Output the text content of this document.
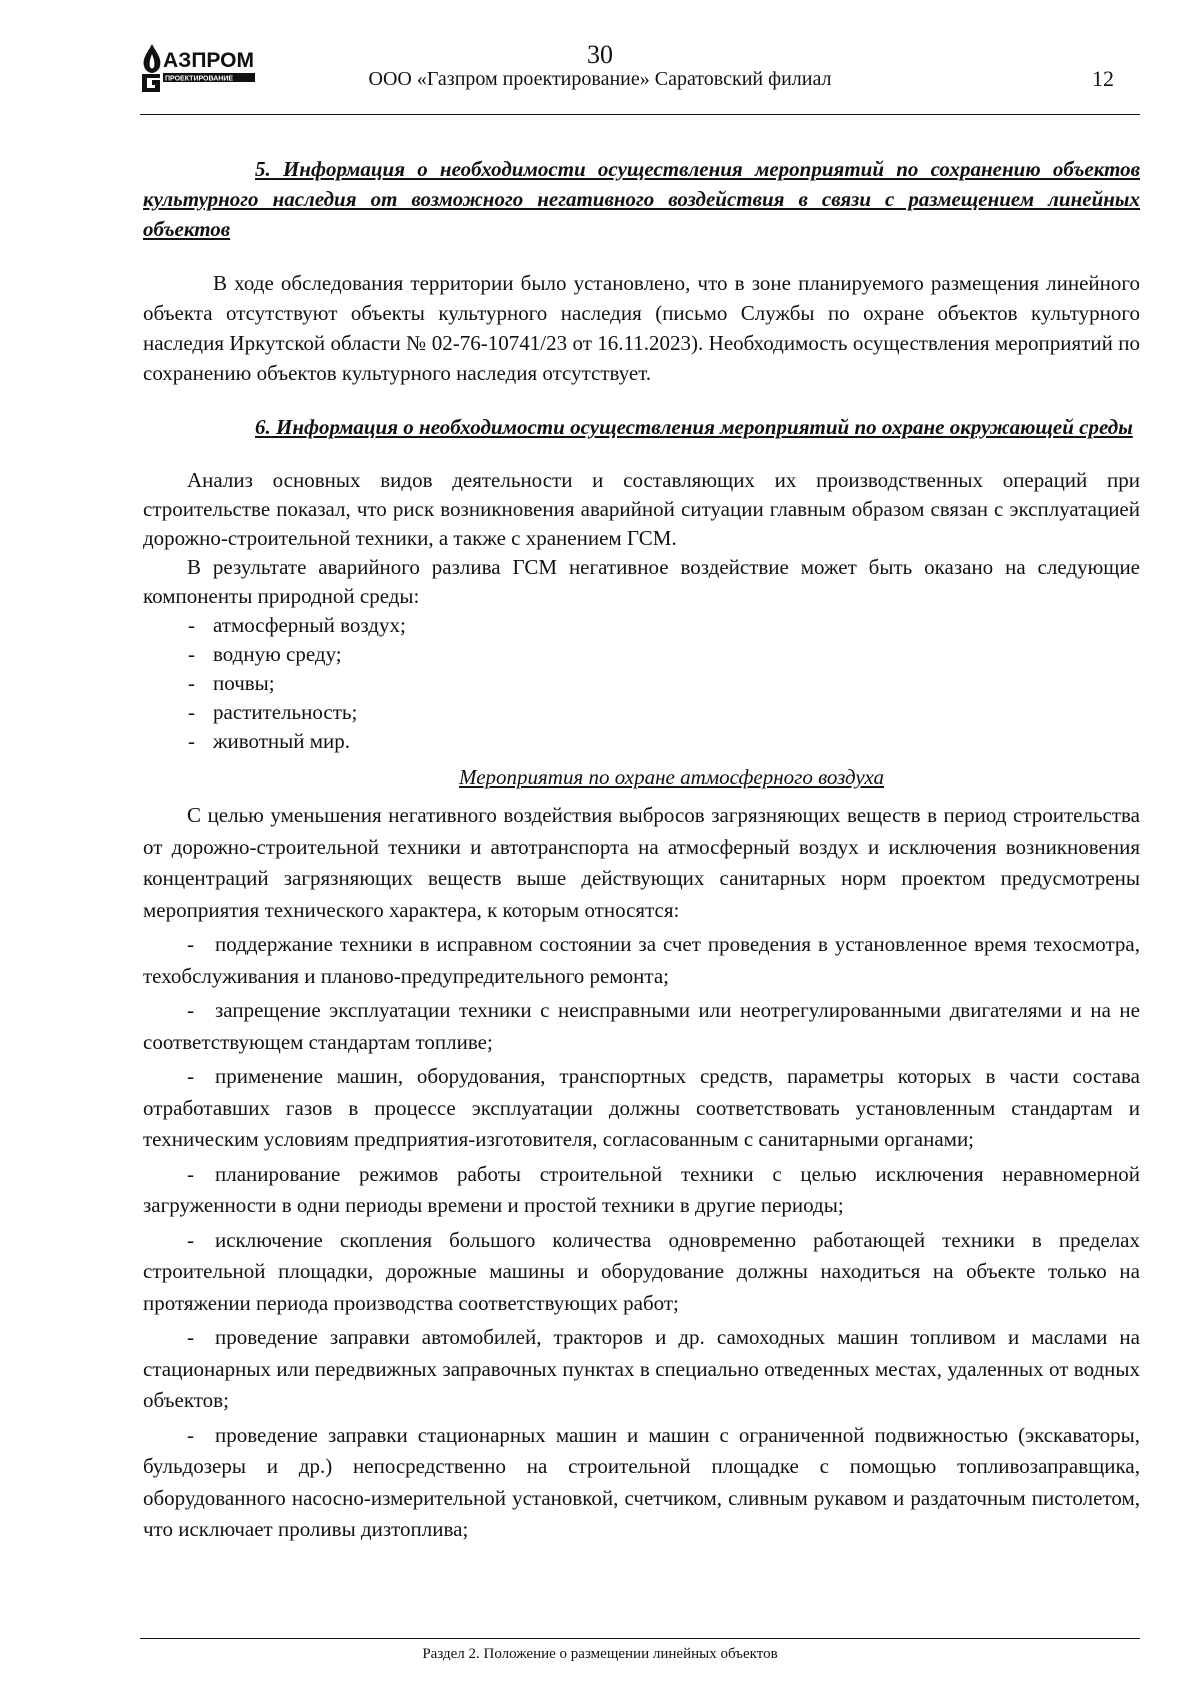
30
АЗПРОМ
ПРОЕКТИРОВАНИЕ	ООО «Газпром проектирование» Саратовский филиал	12

5. Информация о необходимости осуществления мероприятий по сохранению объектов культурного наследия от возможного негативного воздействия в связи с размещением линейных объектов

В ходе обследования территории было установлено, что в зоне планируемого размещения линейного объекта отсутствуют объекты культурного наследия (письмо Службы по охране объектов культурного наследия Иркутской области № 02-76-10741/23 от 16.11.2023). Необходимость осуществления мероприятий по сохранению объектов культурного наследия отсутствует.

6. Информация о необходимости осуществления мероприятий по охране окружающей среды

Анализ основных видов деятельности и составляющих их производственных операций при строительстве показал, что риск возникновения аварийной ситуации главным образом связан с эксплуатацией дорожно-строительной техники, а также с хранением ГСМ.

В результате аварийного разлива ГСМ негативное воздействие может быть оказано на следующие компоненты природной среды:

- атмосферный воздух;
- водную среду;
- почвы;
- растительность;
- животный мир.

Мероприятия по охране атмосферного воздуха

С целью уменьшения негативного воздействия выбросов загрязняющих веществ в период строительства от дорожно-строительной техники и автотранспорта на атмосферный воздух и исключения возникновения концентраций загрязняющих веществ выше действующих санитарных норм проектом предусмотрены мероприятия технического характера, к которым относятся:

- поддержание техники в исправном состоянии за счет проведения в установленное время техосмотра, техобслуживания и планово-предупредительного ремонта;

- запрещение эксплуатации техники с неисправными или неотрегулированными двигателями и на не соответствующем стандартам топливе;

- применение машин, оборудования, транспортных средств, параметры которых в части состава отработавших газов в процессе эксплуатации должны соответствовать установленным стандартам и техническим условиям предприятия-изготовителя, согласованным с санитарными органами;

- планирование режимов работы строительной техники с целью исключения неравномерной загруженности в одни периоды времени и простой техники в другие периоды;

- исключение скопления большого количества одновременно работающей техники в пределах строительной площадки, дорожные машины и оборудование должны находиться на объекте только на протяжении периода производства соответствующих работ;

- проведение заправки автомобилей, тракторов и др. самоходных машин топливом и маслами на стационарных или передвижных заправочных пунктах в специально отведенных местах, удаленных от водных объектов;

- проведение заправки стационарных машин и машин с ограниченной подвижностью (экскаваторы, бульдозеры и др.) непосредственно на строительной площадке с помощью топливозаправщика, оборудованного насосно-измерительной установкой, счетчиком, сливным рукавом и раздаточным пистолетом, что исключает проливы дизтоплива;

Раздел 2. Положение о размещении линейных объектов
